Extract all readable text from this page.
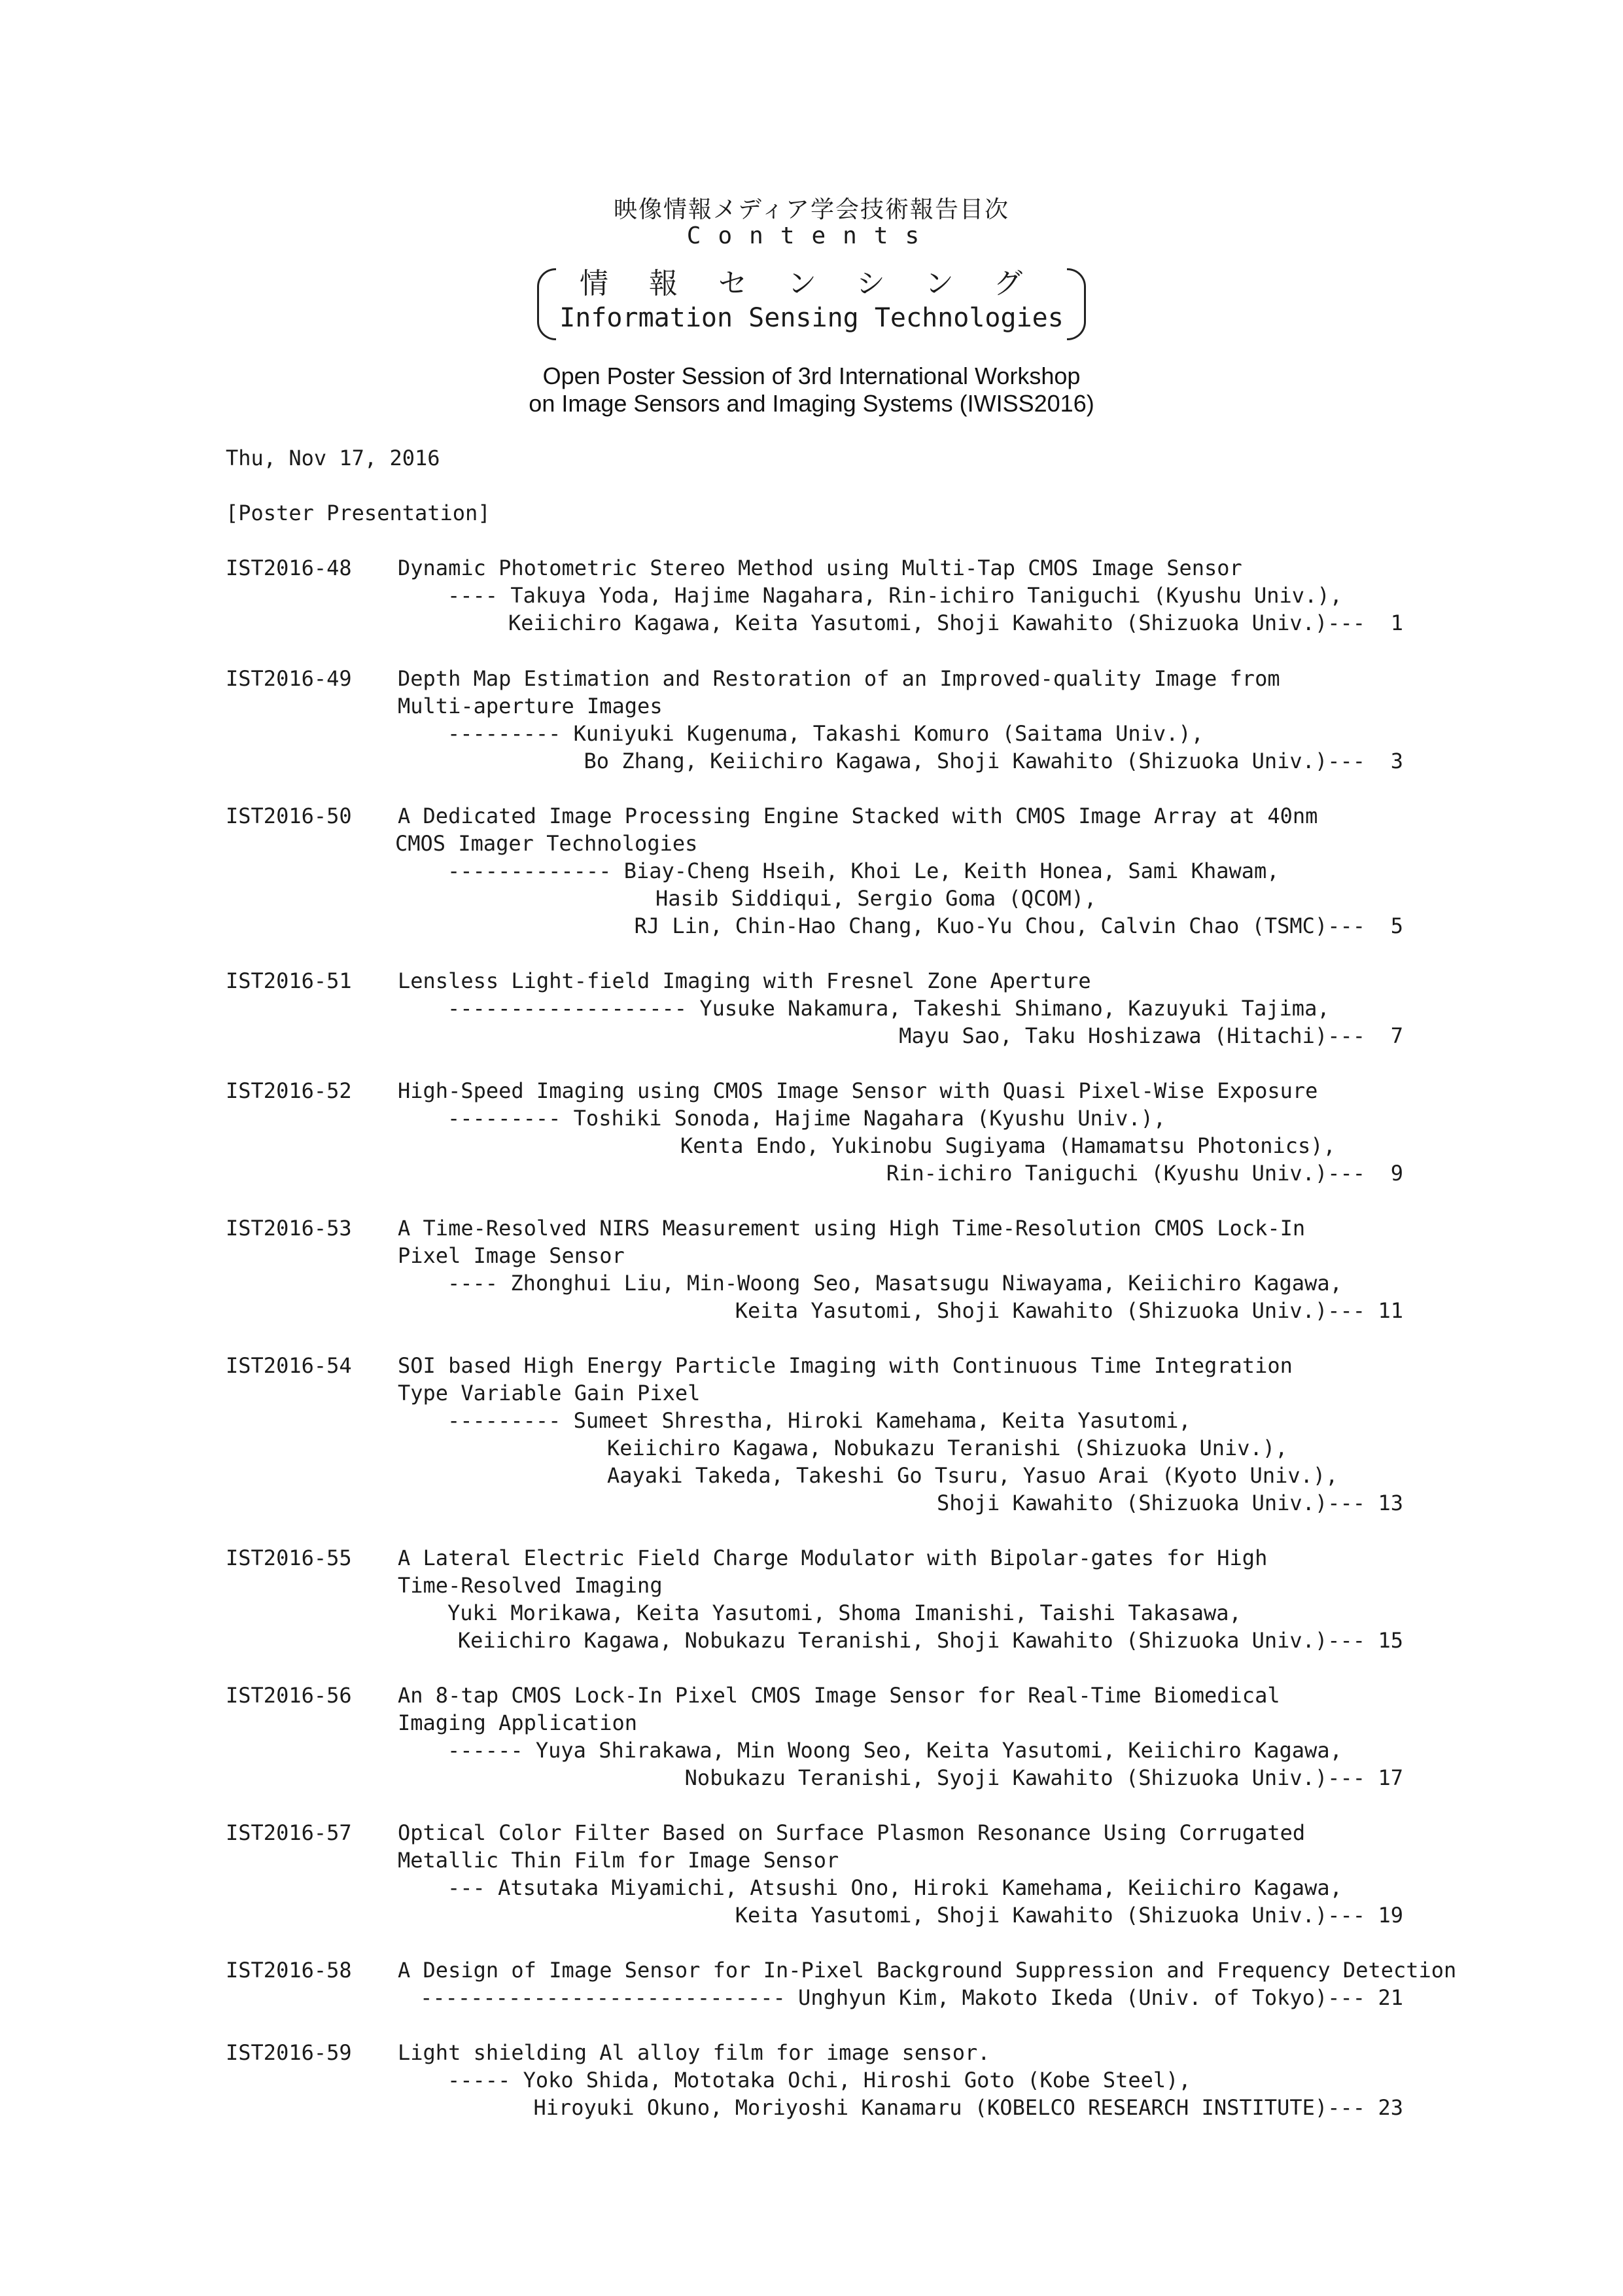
映像情報メディア学会技術報告目次
Contents
情報センシング
Information Sensing Technologies
Open Poster Session of 3rd International Workshop
on Image Sensors and Imaging Systems (IWISS2016)
Thu, Nov 17, 2016
[Poster Presentation]
IST2016-48 Dynamic Photometric Stereo Method using Multi-Tap CMOS Image Sensor
---- Takuya Yoda, Hajime Nagahara, Rin-ichiro Taniguchi (Kyushu Univ.),
Keiichiro Kagawa, Keita Yasutomi, Shoji Kawahito (Shizuoka Univ.)--- 1
IST2016-49 Depth Map Estimation and Restoration of an Improved-quality Image from
Multi-aperture Images
--------- Kuniyuki Kugenuma, Takashi Komuro (Saitama Univ.),
Bo Zhang, Keiichiro Kagawa, Shoji Kawahito (Shizuoka Univ.)--- 3
IST2016-50 A Dedicated Image Processing Engine Stacked with CMOS Image Array at 40nm
CMOS Imager Technologies
------------- Biay-Cheng Hseih, Khoi Le, Keith Honea, Sami Khawam,
Hasib Siddiqui, Sergio Goma (QCOM),
RJ Lin, Chin-Hao Chang, Kuo-Yu Chou, Calvin Chao (TSMC)--- 5
IST2016-51 Lensless Light-field Imaging with Fresnel Zone Aperture
------------------- Yusuke Nakamura, Takeshi Shimano, Kazuyuki Tajima,
Mayu Sao, Taku Hoshizawa (Hitachi)--- 7
IST2016-52 High-Speed Imaging using CMOS Image Sensor with Quasi Pixel-Wise Exposure
--------- Toshiki Sonoda, Hajime Nagahara (Kyushu Univ.),
Kenta Endo, Yukinobu Sugiyama (Hamamatsu Photonics),
Rin-ichiro Taniguchi (Kyushu Univ.)--- 9
IST2016-53 A Time-Resolved NIRS Measurement using High Time-Resolution CMOS Lock-In
Pixel Image Sensor
---- Zhonghui Liu, Min-Woong Seo, Masatsugu Niwayama, Keiichiro Kagawa,
Keita Yasutomi, Shoji Kawahito (Shizuoka Univ.)--- 11
IST2016-54 SOI based High Energy Particle Imaging with Continuous Time Integration
Type Variable Gain Pixel
--------- Sumeet Shrestha, Hiroki Kamehama, Keita Yasutomi,
Keiichiro Kagawa, Nobukazu Teranishi (Shizuoka Univ.),
Aayaki Takeda, Takeshi Go Tsuru, Yasuo Arai (Kyoto Univ.),
Shoji Kawahito (Shizuoka Univ.)--- 13
IST2016-55 A Lateral Electric Field Charge Modulator with Bipolar-gates for High
Time-Resolved Imaging
Yuki Morikawa, Keita Yasutomi, Shoma Imanishi, Taishi Takasawa,
Keiichiro Kagawa, Nobukazu Teranishi, Shoji Kawahito (Shizuoka Univ.)--- 15
IST2016-56 An 8-tap CMOS Lock-In Pixel CMOS Image Sensor for Real-Time Biomedical
Imaging Application
------ Yuya Shirakawa, Min Woong Seo, Keita Yasutomi, Keiichiro Kagawa,
Nobukazu Teranishi, Syoji Kawahito (Shizuoka Univ.)--- 17
IST2016-57 Optical Color Filter Based on Surface Plasmon Resonance Using Corrugated
Metallic Thin Film for Image Sensor
--- Atsutaka Miyamichi, Atsushi Ono, Hiroki Kamehama, Keiichiro Kagawa,
Keita Yasutomi, Shoji Kawahito (Shizuoka Univ.)--- 19
IST2016-58 A Design of Image Sensor for In-Pixel Background Suppression and Frequency Detection
----------------------------- Unghyun Kim, Makoto Ikeda (Univ. of Tokyo)--- 21
IST2016-59 Light shielding Al alloy film for image sensor.
----- Yoko Shida, Mototaka Ochi, Hiroshi Goto (Kobe Steel),
Hiroyuki Okuno, Moriyoshi Kanamaru (KOBELCO RESEARCH INSTITUTE)--- 23
